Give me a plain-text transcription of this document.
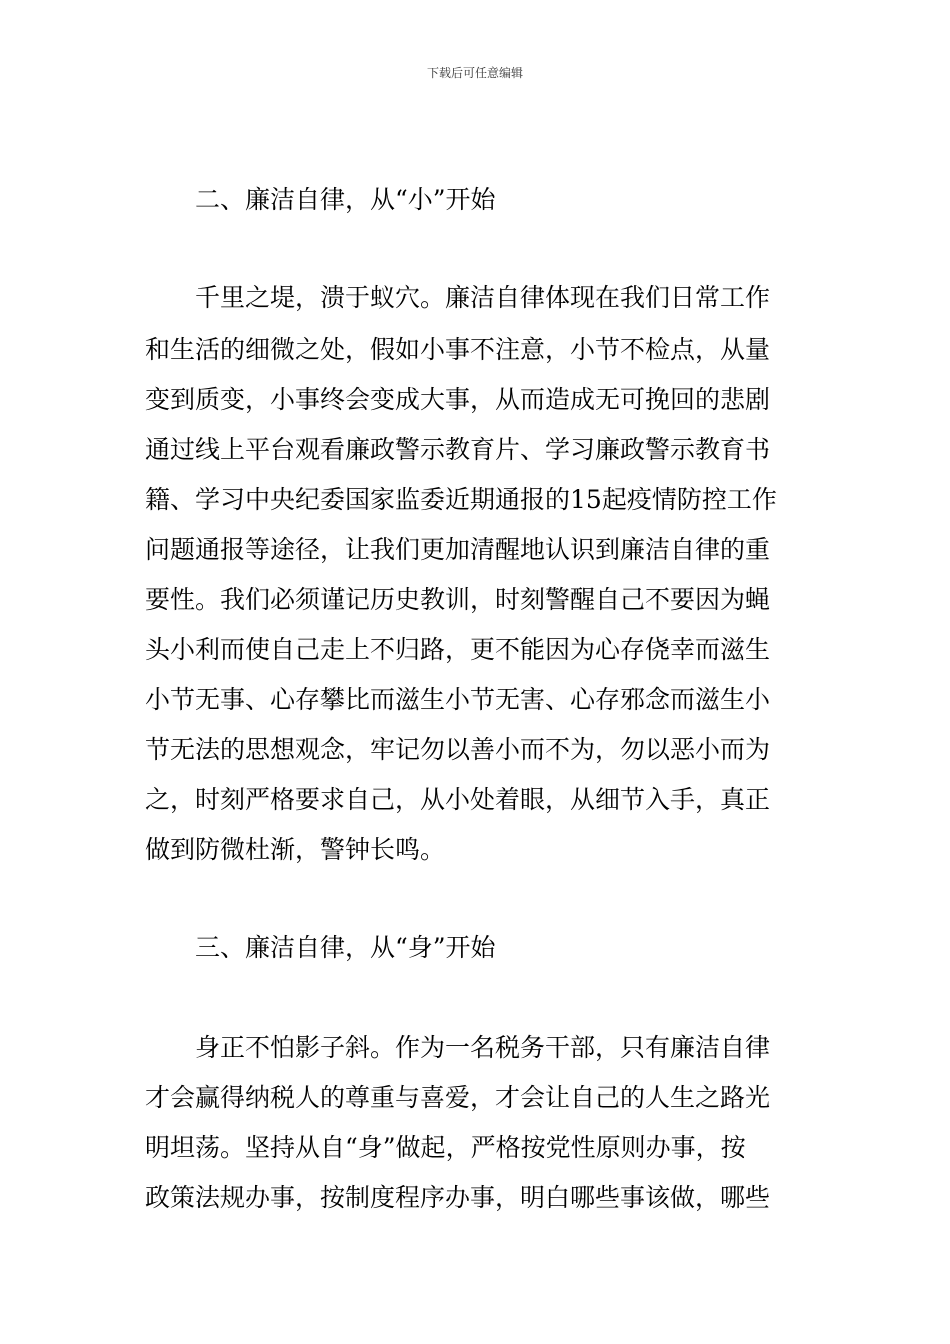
下载后可任意编辑
二、廉洁自律，从“小”开始
千里之堤，溃于蚁穴。廉洁自律体现在我们日常工作
和生活的细微之处，假如小事不注意，小节不检点，从量
变到质变，小事终会变成大事，从而造成无可挽回的悲剧
通过线上平台观看廉政警示教育片、学习廉政警示教育书
籍、学习中央纪委国家监委近期通报的15起疫情防控工作
问题通报等途径，让我们更加清醒地认识到廉洁自律的重
要性。我们必须谨记历史教训，时刻警醒自己不要因为蝇
头小利而使自己走上不归路，更不能因为心存侥幸而滋生
小节无事、心存攀比而滋生小节无害、心存邪念而滋生小
节无法的思想观念，牢记勿以善小而不为，勿以恶小而为
之，时刻严格要求自己，从小处着眼，从细节入手，真正
做到防微杜渐，警钟长鸣。
三、廉洁自律，从“身”开始
身正不怕影子斜。作为一名税务干部，只有廉洁自律
才会赢得纳税人的尊重与喜爱，才会让自己的人生之路光
明坦荡。坚持从自“身”做起，严格按党性原则办事，按
政策法规办事，按制度程序办事，明白哪些事该做，哪些
